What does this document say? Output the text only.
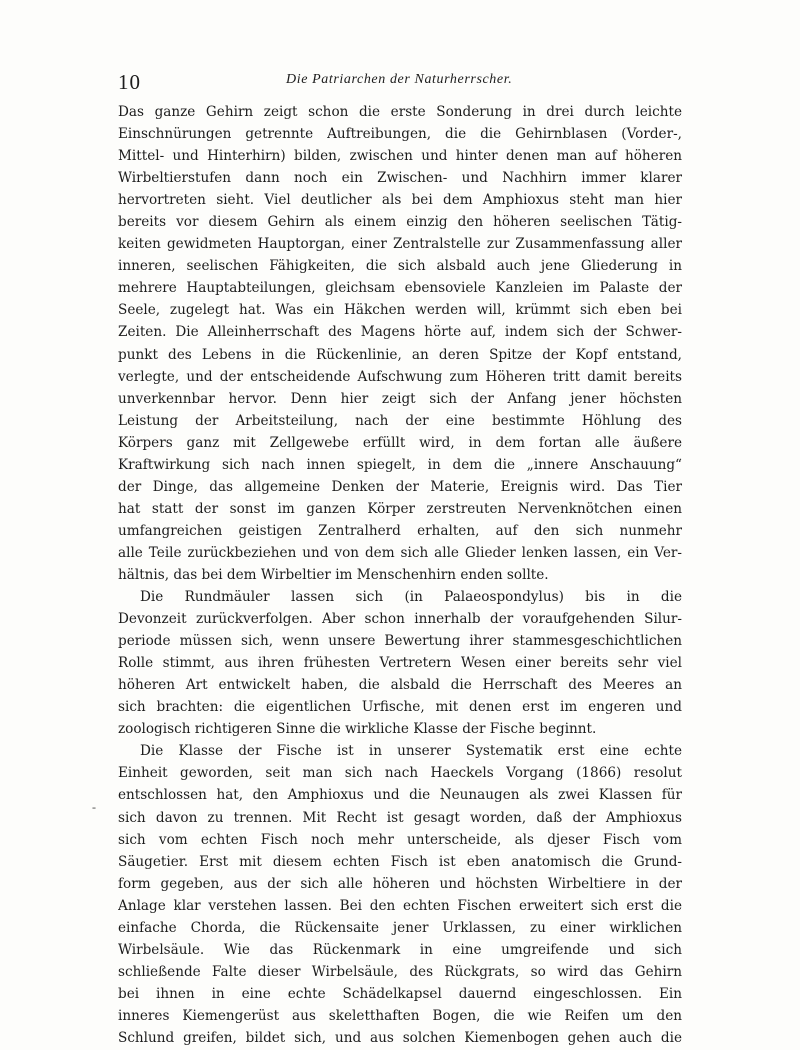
10	Die Patriarchen der Naturherrscher.
-
Das ganze Gehirn zeigt schon die erste Sonderung in drei durch leichte
Einschnürungen getrennte Auftreibungen, die die Gehirnblasen (Vorder-,
Mittel- und Hinterhirn) bilden, zwischen und hinter denen man auf höheren
Wirbeltierstufen dann noch ein Zwischen- und Nachhirn immer klarer
hervortreten sieht. Viel deutlicher als bei dem Amphioxus steht man hier
bereits vor diesem Gehirn als einem einzig den höheren seelischen Tätig-
keiten gewidmeten Hauptorgan, einer Zentralstelle zur Zusammenfassung aller
inneren, seelischen Fähigkeiten, die sich alsbald auch jene Gliederung in
mehrere Hauptabteilungen, gleichsam ebensoviele Kanzleien im Palaste der
Seele, zugelegt hat. Was ein Häkchen werden will, krümmt sich eben bei
Zeiten. Die Alleinherrschaft des Magens hörte auf, indem sich der Schwer-
punkt des Lebens in die Rückenlinie, an deren Spitze der Kopf entstand,
verlegte, und der entscheidende Aufschwung zum Höheren tritt damit bereits
unverkennbar hervor. Denn hier zeigt sich der Anfang jener höchsten
Leistung der Arbeitsteilung, nach der eine bestimmte Höhlung des
Körpers ganz mit Zellgewebe erfüllt wird, in dem fortan alle äußere
Kraftwirkung sich nach innen spiegelt, in dem die „innere Anschauung“
der Dinge, das allgemeine Denken der Materie, Ereignis wird. Das Tier
hat statt der sonst im ganzen Körper zerstreuten Nervenknötchen einen
umfangreichen geistigen Zentralherd erhalten, auf den sich nunmehr
alle Teile zurückbeziehen und von dem sich alle Glieder lenken lassen, ein Ver-
hältnis, das bei dem Wirbeltier im Menschenhirn enden sollte.
Die Rundmäuler lassen sich (in Palaeospondylus) bis in die
Devonzeit zurückverfolgen. Aber schon innerhalb der voraufgehenden Silur-
periode müssen sich, wenn unsere Bewertung ihrer stammesgeschichtlichen
Rolle stimmt, aus ihren frühesten Vertretern Wesen einer bereits sehr viel
höheren Art entwickelt haben, die alsbald die Herrschaft des Meeres an
sich brachten: die eigentlichen Urfische, mit denen erst im engeren und
zoologisch richtigeren Sinne die wirkliche Klasse der Fische beginnt.
Die Klasse der Fische ist in unserer Systematik erst eine echte
Einheit geworden, seit man sich nach Haeckels Vorgang (1866) resolut
entschlossen hat, den Amphioxus und die Neunaugen als zwei Klassen für
sich davon zu trennen. Mit Recht ist gesagt worden, daß der Amphioxus
sich vom echten Fisch noch mehr unterscheide, als djeser Fisch vom
Säugetier. Erst mit diesem echten Fisch ist eben anatomisch die Grund-
form gegeben, aus der sich alle höheren und höchsten Wirbeltiere in der
Anlage klar verstehen lassen. Bei den echten Fischen erweitert sich erst die
einfache Chorda, die Rückensaite jener Urklassen, zu einer wirklichen
Wirbelsäule. Wie das Rückenmark in eine umgreifende und sich
schließende Falte dieser Wirbelsäule, des Rückgrats, so wird das Gehirn
bei ihnen in eine echte Schädelkapsel dauernd eingeschlossen. Ein
inneres Kiemengerüst aus skeletthaften Bogen, die wie Reifen um den
Schlund greifen, bildet sich, und aus solchen Kiemenbogen gehen auch die
